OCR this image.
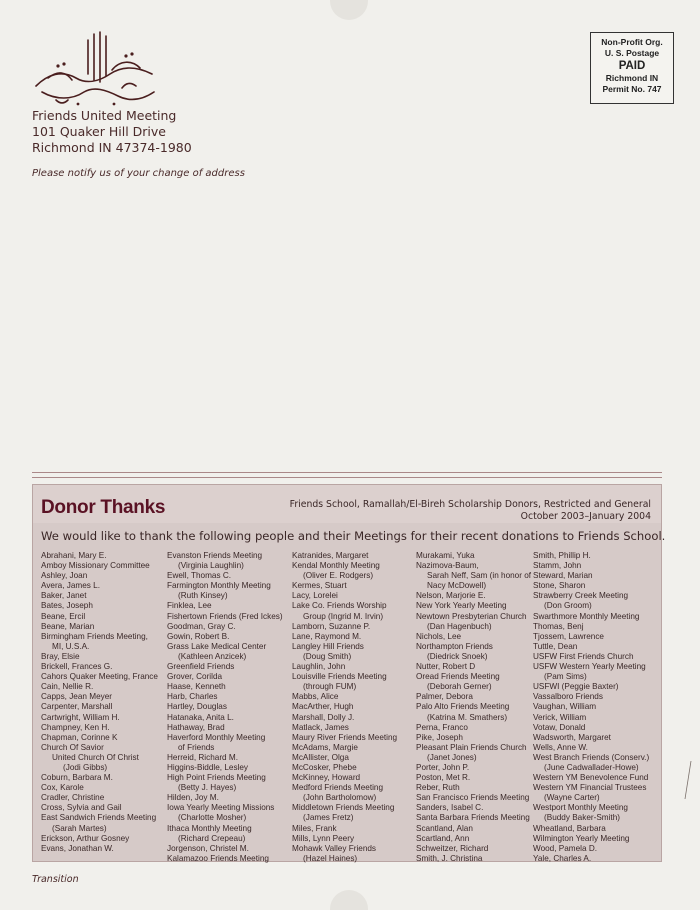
Friends United Meeting
101 Quaker Hill Drive
Richmond IN 47374-1980
Please notify us of your change of address
Non-Profit Org.
U. S. Postage
PAID
Richmond IN
Permit No. 747
Donor Thanks	Friends School, Ramallah/El-Bireh Scholarship Donors, Restricted and General
October 2003–January 2004
We would like to thank the following people and their Meetings for their recent donations to Friends School.
Abrahani, Mary E.
Amboy Missionary Committee
Ashley, Joan
Avera, James L.
Baker, Janet
Bates, Joseph
Beane, Ercil
Beane, Marian
Birmingham Friends Meeting,
MI, U.S.A.
Bray, Elsie
Brickell, Frances G.
Cahors Quaker Meeting, France
Cain, Nellie R.
Capps, Jean Meyer
Carpenter, Marshall
Cartwright, William H.
Champney, Ken H.
Chapman, Corinne K
Church Of Savior
United Church Of Christ
(Jodi Gibbs)
Coburn, Barbara M.
Cox, Karole
Cradler, Christine
Cross, Sylvia and Gail
East Sandwich Friends Meeting
(Sarah Martes)
Erickson, Arthur Gosney
Evans, Jonathan W.
Evanston Friends Meeting
(Virginia Laughlin)
Ewell, Thomas C.
Farmington Monthly Meeting
(Ruth Kinsey)
Finklea, Lee
Fishertown Friends (Fred Ickes)
Goodman, Gray C.
Gowin, Robert B.
Grass Lake Medical Center
(Kathleen Anzicek)
Greenfield Friends
Grover, Corilda
Haase, Kenneth
Harb, Charles
Hartley, Douglas
Hatanaka, Anita L.
Hathaway, Brad
Haverford Monthly Meeting
of Friends
Herreid, Richard M.
Higgins-Biddle, Lesley
High Point Friends Meeting
(Betty J. Hayes)
Hilden, Joy M.
Iowa Yearly Meeting Missions
(Charlotte Mosher)
Ithaca Monthly Meeting
(Richard Crepeau)
Jorgenson, Christel M.
Kalamazoo Friends Meeting
Katranides, Margaret
Kendal Monthly Meeting
(Oliver E. Rodgers)
Kermes, Stuart
Lacy, Lorelei
Lake Co. Friends Worship
Group (Ingrid M. Irvin)
Lamborn, Suzanne P.
Lane, Raymond M.
Langley Hill Friends
(Doug Smith)
Laughlin, John
Louisville Friends Meeting
(through FUM)
Mabbs, Alice
MacArther, Hugh
Marshall, Dolly J.
Matlack, James
Maury River Friends Meeting
McAdams, Margie
McAllister, Olga
McCosker, Phebe
McKinney, Howard
Medford Friends Meeting
(John Bartholomow)
Middletown Friends Meeting
(James Fretz)
Miles, Frank
Mills, Lynn Peery
Mohawk Valley Friends
(Hazel Haines)
Murakami, Yuka
Nazimova-Baum,
Sarah Neff, Sam (in honor of
Nacy McDowell)
Nelson, Marjorie E.
New York Yearly Meeting
Newtown Presbyterian Church
(Dan Hagenbuch)
Nichols, Lee
Northampton Friends
(Diedrick Snoek)
Nutter, Robert D
Oread Friends Meeting
(Deborah Gerner)
Palmer, Debora
Palo Alto Friends Meeting
(Katrina M. Smathers)
Perna, Franco
Pike, Joseph
Pleasant Plain Friends Church
(Janet Jones)
Porter, John P.
Poston, Met R.
Reber, Ruth
San Francisco Friends Meeting
Sanders, Isabel C.
Santa Barbara Friends Meeting
Scantland, Alan
Scartland, Ann
Schweitzer, Richard
Smith, J. Christina
Smith, Phillip H.
Stamm, John
Steward, Marian
Stone, Sharon
Strawberry Creek Meeting
(Don Groom)
Swarthmore Monthly Meeting
Thomas, Benj
Tjossem, Lawrence
Tuttle, Dean
USFW First Friends Church
USFW Western Yearly Meeting
(Pam Sims)
USFWI (Peggie Baxter)
Vassalboro Friends
Vaughan, William
Verick, William
Votaw, Donald
Wadsworth, Margaret
Wells, Anne W.
West Branch Friends (Conserv.)
(June Cadwallader-Howe)
Western YM Benevolence Fund
Western YM Financial Trustees
(Wayne Carter)
Westport Monthly Meeting
(Buddy Baker-Smith)
Wheatland, Barbara
Wilmington Yearly Meeting
Wood, Pamela D.
Yale, Charles A.
Transition
